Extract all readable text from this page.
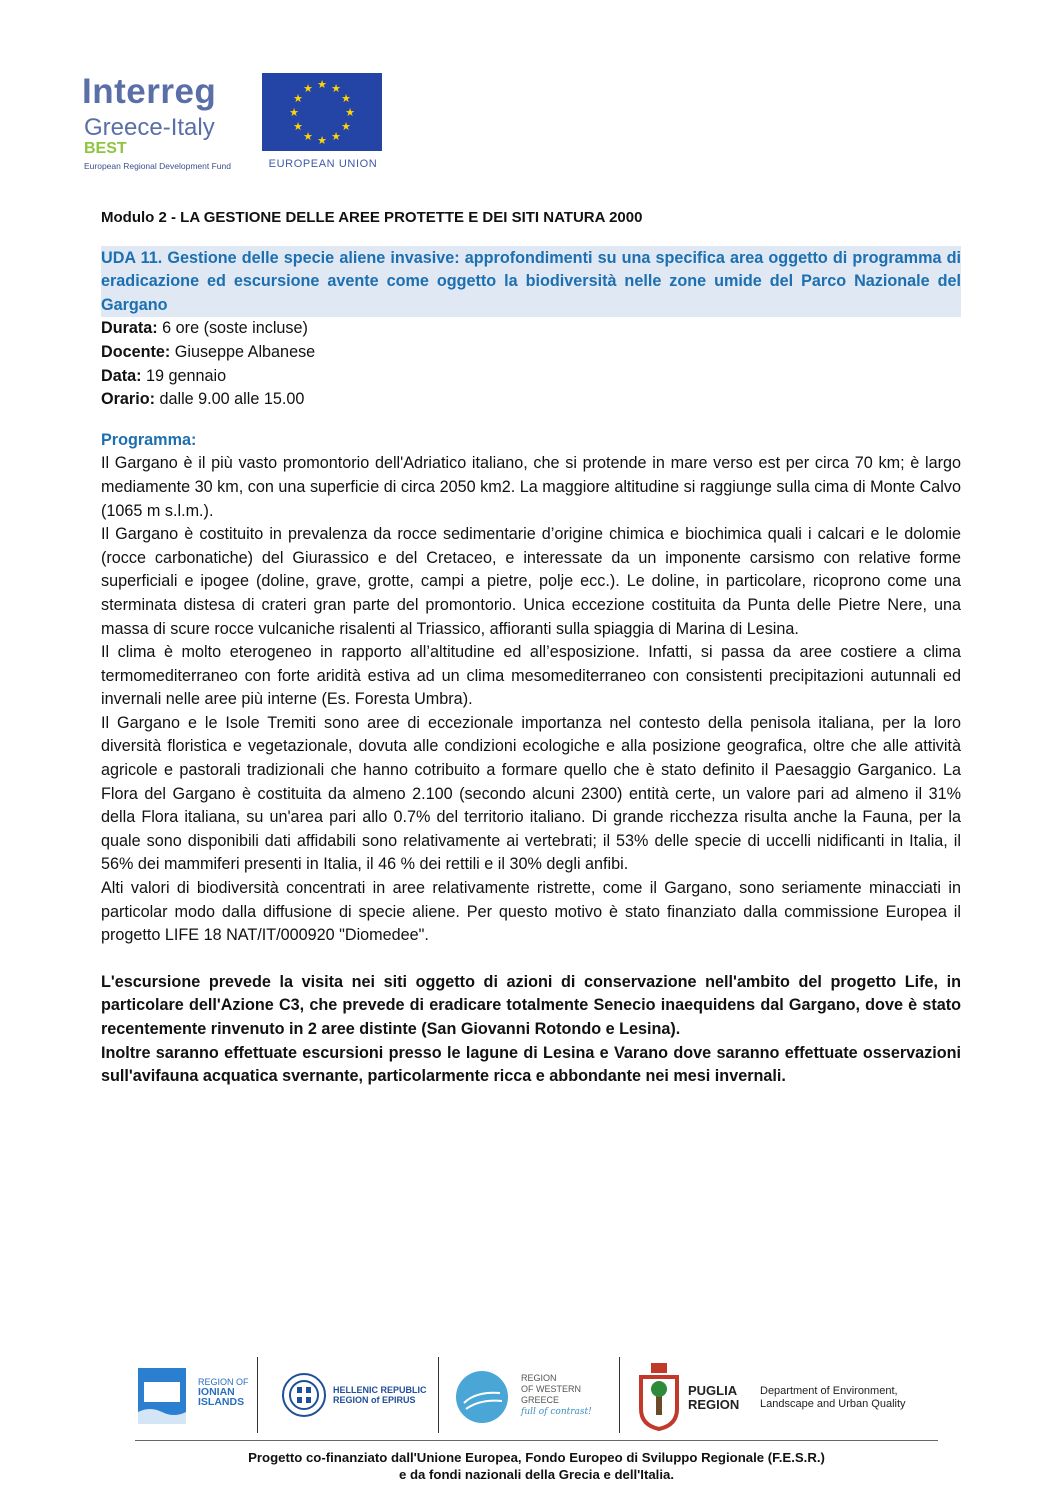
Interreg
Greece-Italy
BEST
European Regional Development Fund
★ ★
★
★
★
★
★
★
★
★
★
★
EUROPEAN UNION

Modulo 2 - LA GESTIONE DELLE AREE PROTETTE E DEI SITI NATURA 2000

UDA 11. Gestione delle specie aliene invasive: approfondimenti su una specifica area oggetto di programma di eradicazione ed escursione avente come oggetto la biodiversità nelle zone umide del Parco Nazionale del Gargano

Durata: 6 ore (soste incluse)

Docente: Giuseppe Albanese

Data: 19 gennaio

Orario: dalle 9.00 alle 15.00

Programma:

Il Gargano è il più vasto promontorio dell'Adriatico italiano, che si protende in mare verso est per circa 70 km; è largo mediamente 30 km, con una superficie di circa 2050 km2. La maggiore altitudine si raggiunge sulla cima di Monte Calvo (1065 m s.l.m.).

Il Gargano è costituito in prevalenza da rocce sedimentarie d’origine chimica e biochimica quali i calcari e le dolomie (rocce carbonatiche) del Giurassico e del Cretaceo, e interessate da un imponente carsismo con relative forme superficiali e ipogee (doline, grave, grotte, campi a pietre, polje ecc.). Le doline, in particolare, ricoprono come una sterminata distesa di crateri gran parte del promontorio. Unica eccezione costituita da Punta delle Pietre Nere, una massa di scure rocce vulcaniche risalenti al Triassico, affioranti sulla spiaggia di Marina di Lesina.

Il clima è molto eterogeneo in rapporto all’altitudine ed all’esposizione. Infatti, si passa da aree costiere a clima termomediterraneo con forte aridità estiva ad un clima mesomediterraneo con consistenti precipitazioni autunnali ed invernali nelle aree più interne (Es. Foresta Umbra).

Il Gargano e le Isole Tremiti sono aree di eccezionale importanza nel contesto della penisola italiana, per la loro diversità floristica e vegetazionale, dovuta alle condizioni ecologiche e alla posizione geografica, oltre che alle attività agricole e pastorali tradizionali che hanno cotribuito a formare quello che è stato definito il Paesaggio Garganico. La Flora del Gargano è costituita da almeno 2.100 (secondo alcuni 2300) entità certe, un valore pari ad almeno il 31% della Flora italiana, su un'area pari allo 0.7% del territorio italiano. Di grande ricchezza risulta anche la Fauna, per la quale sono disponibili dati affidabili sono relativamente ai vertebrati; il 53% delle specie di uccelli nidificanti in Italia, il 56% dei mammiferi presenti in Italia, il 46 % dei rettili e il 30% degli anfibi.

Alti valori di biodiversità concentrati in aree relativamente ristrette, come il Gargano, sono seriamente minacciati in particolar modo dalla diffusione di specie aliene. Per questo motivo è stato finanziato dalla commissione Europea il progetto LIFE 18 NAT/IT/000920 "Diomedee".

L'escursione prevede la visita nei siti oggetto di azioni di conservazione nell'ambito del progetto Life, in particolare dell'Azione C3, che prevede di eradicare totalmente Senecio inaequidens dal Gargano, dove è stato recentemente rinvenuto in 2 aree distinte (San Giovanni Rotondo e Lesina).

Inoltre saranno effettuate escursioni presso le lagune di Lesina e Varano dove saranno effettuate osservazioni sull'avifauna acquatica svernante, particolarmente ricca e abbondante nei mesi invernali.

REGION OF
IONIAN
ISLANDS
HELLENIC REPUBLIC
REGION of EPIRUS
REGION
OF WESTERN
GREECE
full of contrast!
PUGLIA
REGION
Department of Environment,
Landscape and Urban Quality
Progetto co-finanziato dall'Unione Europea, Fondo Europeo di Sviluppo Regionale (F.E.S.R.)
e da fondi nazionali della Grecia e dell'Italia.
